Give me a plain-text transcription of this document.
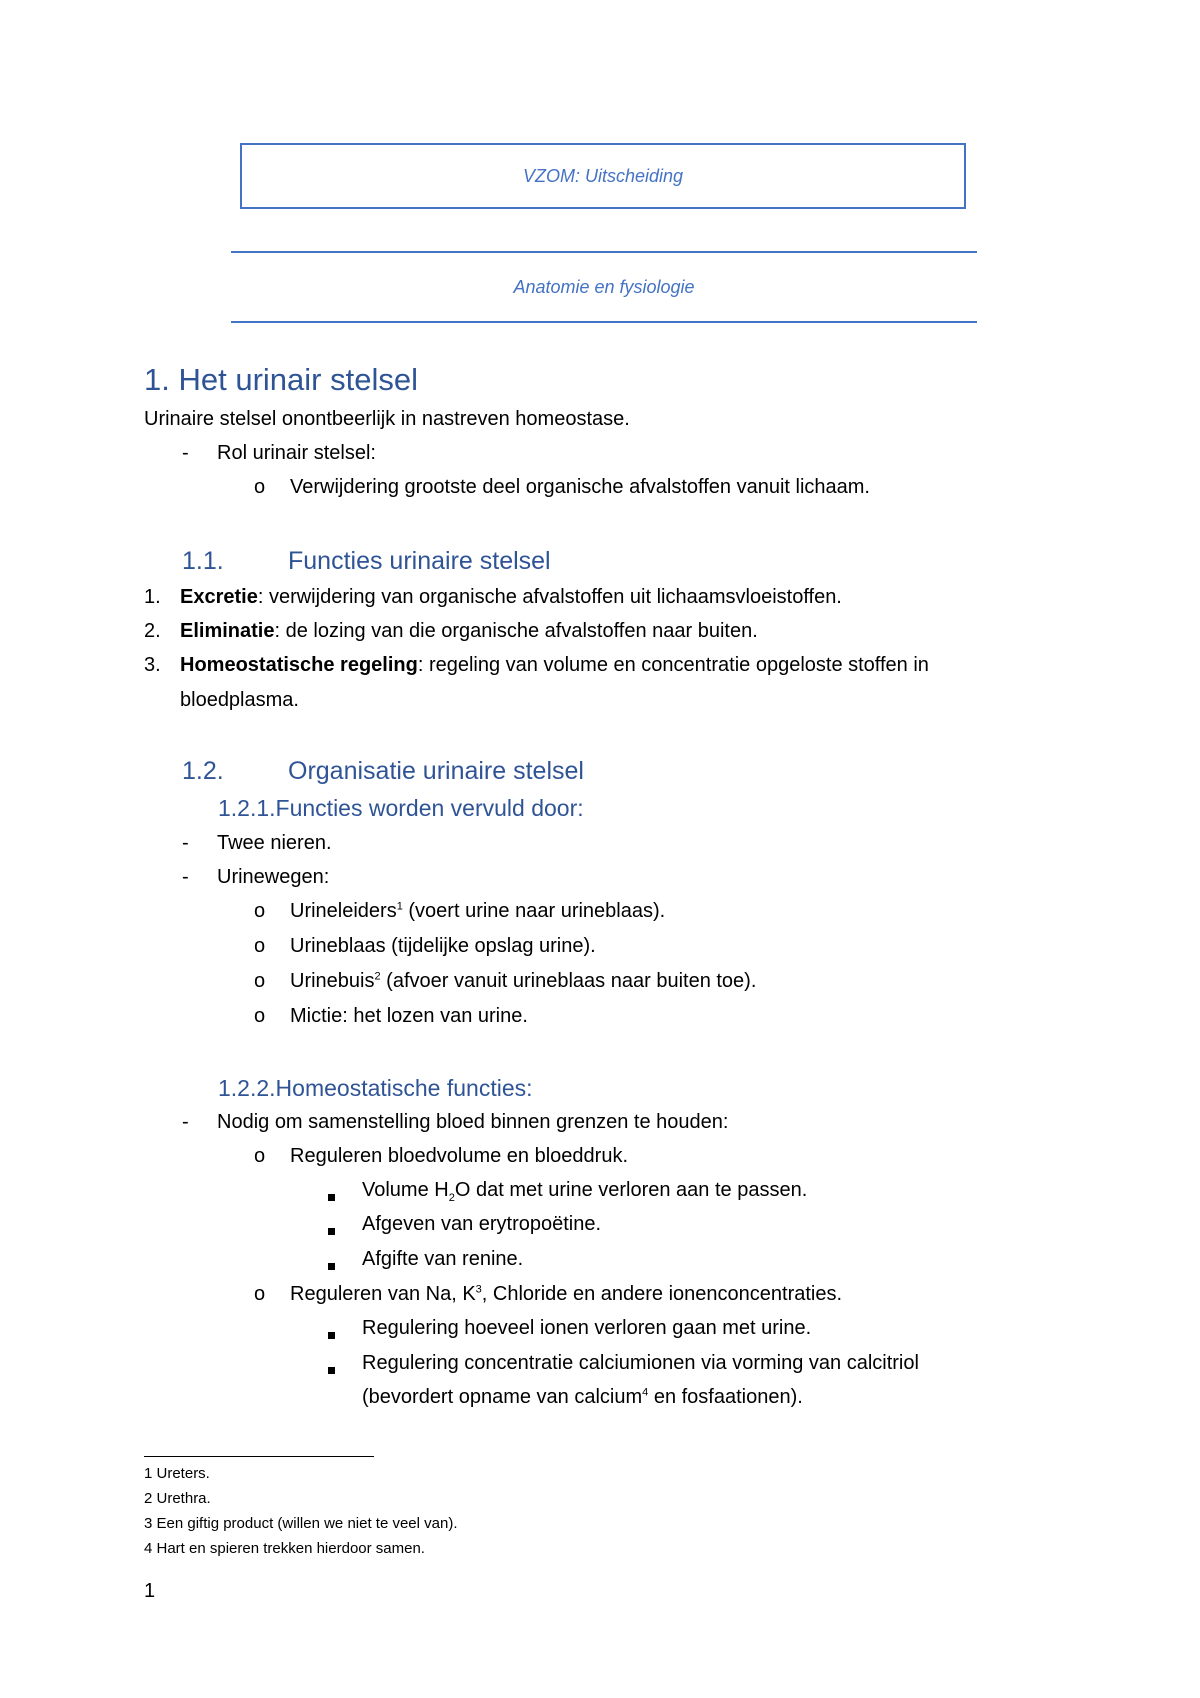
VZOM: Uitscheiding
Anatomie en fysiologie
1. Het urinair stelsel
Urinaire stelsel onontbeerlijk in nastreven homeostase.
- Rol urinair stelsel:
o Verwijdering grootste deel organische afvalstoffen vanuit lichaam.
1.1.	Functies urinaire stelsel
1. Excretie: verwijdering van organische afvalstoffen uit lichaamsvloeistoffen.
2. Eliminatie: de lozing van die organische afvalstoffen naar buiten.
3. Homeostatische regeling: regeling van volume en concentratie opgeloste stoffen in
bloedplasma.
1.2.	Organisatie urinaire stelsel
1.2.1.Functies worden vervuld door:
- Twee nieren.
- Urinewegen:
o Urineleiders$^1$ (voert urine naar urineblaas).
o Urineblaas (tijdelijke opslag urine).
o Urinebuis$^2$ (afvoer vanuit urineblaas naar buiten toe).
o Mictie: het lozen van urine.
1.2.2.Homeostatische functies:
- Nodig om samenstelling bloed binnen grenzen te houden:
o Reguleren bloedvolume en bloeddruk.
Volume $H_2O$ dat met urine verloren aan te passen.
Afgeven van erytropoëtine.
Afgifte van renine.
o Reguleren van Na, $K^3$, Chloride en andere ionenconcentraties.
Regulering hoeveel ionen verloren gaan met urine.
Regulering concentratie calciumionen via vorming van calcitriol
(bevordert opname van calcium$^4$ en fosfaationen).
1 Ureters.
2 Urethra.
3 Een giftig product (willen we niet te veel van).
4 Hart en spieren trekken hierdoor samen.
1
